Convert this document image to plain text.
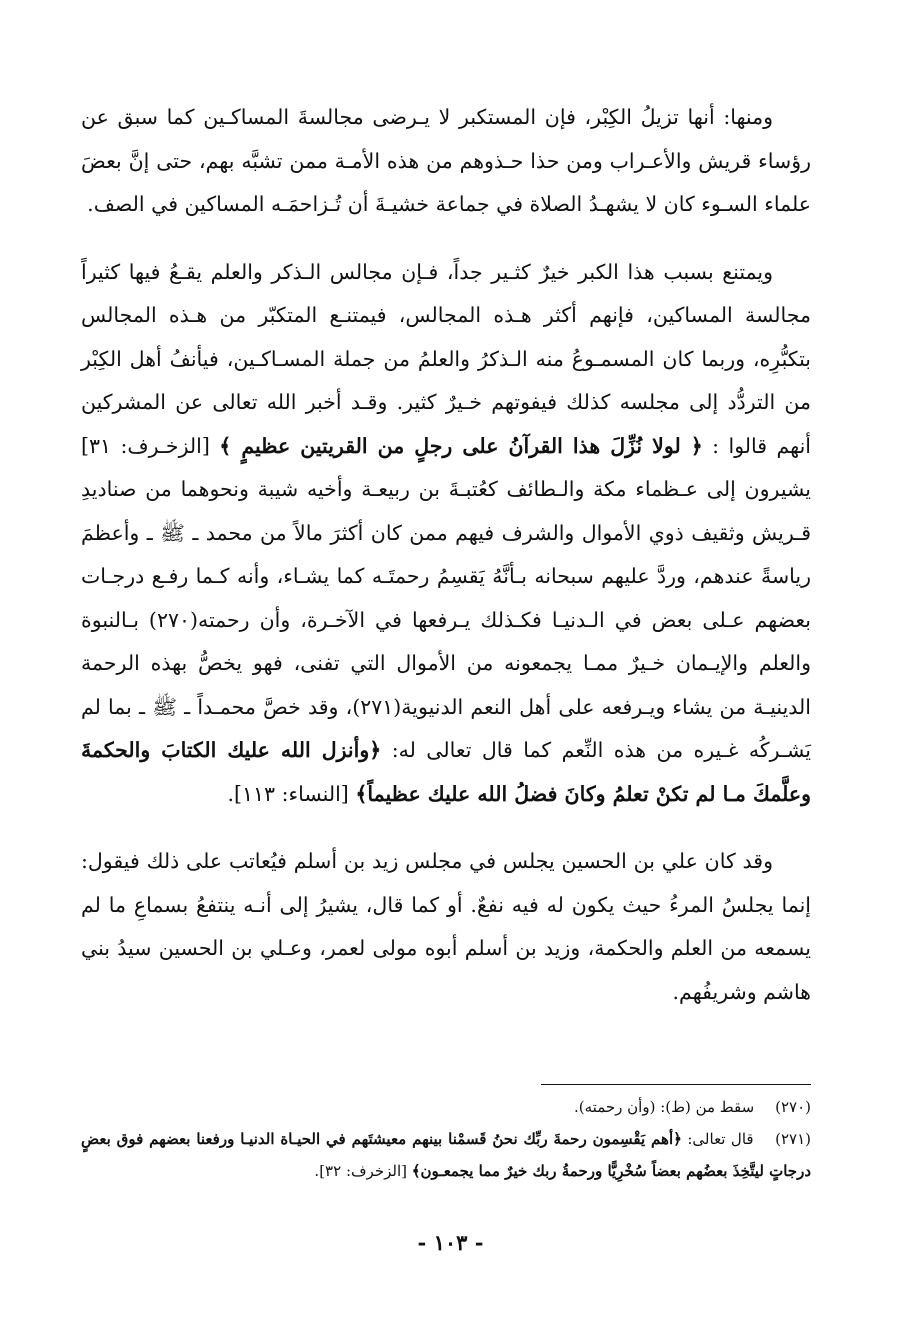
ومنها: أنها تزيلُ الكِبْر، فإن المستكبر لا يـرضى مجالسةَ المساكـين كما سبق عن رؤساء قريش والأعـراب ومن حذا حـذوهم من هذه الأمـة ممن تشبَّه بهم، حتى إنَّ بعضَ علماء السـوء كان لا يشهـدُ الصلاة في جماعة خشيـةَ أن تُـزاحمَـه المساكين في الصف.

ويمتنع بسبب هذا الكبر خيرٌ كثـير جداً، فـإن مجالس الـذكر والعلم يقـعُ فيها كثيراً مجالسة المساكين، فإنهم أكثر هـذه المجالس، فيمتنـع المتكبّر من هـذه المجالس بتكبُّرِه، وربما كان المسمـوعُ منه الـذكرُ والعلمُ من جملة المسـاكـين، فيأنفُ أهل الكِبْر من التردُّد إلى مجلسه كذلك فيفوتهم خـيرٌ كثير. وقـد أخبر الله تعالى عن المشركين أنهم قالوا : ﴿ لولا نُزِّلَ هذا القرآنُ على رجلٍ من القريتين عظيمٍ ﴾ [الزخـرف: ٣١] يشيرون إلى عـظماء مكة والـطائف كعُتبـةَ بن ربيعـة وأخيه شيبة ونحوهما من صناديدِ قـريش وثقيف ذوي الأموال والشرف فيهم ممن كان أكثرَ مالاً من محمد ـ ﷺ ـ وأعظمَ رياسةً عندهم، وردَّ عليهم سبحانه بـأنَّهُ يَقسِمُ رحمتَـه كما يشـاء، وأنه كـما رفـع درجـات بعضهم عـلى بعض في الـدنيـا فكـذلك يـرفعها في الآخـرة، وأن رحمته(٢٧٠) بـالنبوة والعلم والإيـمان خـيرٌ ممـا يجمعونه من الأموال التي تفنى، فهو يخصُّ بهذه الرحمة الدينيـة من يشاء ويـرفعه على أهل النعم الدنيوية(٢٧١)، وقد خصَّ محمـداً ـ ﷺ ـ بما لم يَشـركُه غـيره من هذه النِّعم كما قال تعالى له: ﴿وأنزل الله عليك الكتابَ والحكمةَ وعلَّمكَ مـا لم تكنْ تعلمُ وكانَ فضلُ الله عليك عظيماً﴾ [النساء: ١١٣].

وقد كان علي بن الحسين يجلس في مجلس زيد بن أسلم فيُعاتب على ذلك فيقول: إنما يجلسُ المرءُ حيث يكون له فيه نفعٌ. أو كما قال، يشيرُ إلى أنـه ينتفعُ بسماعِ ما لم يسمعه من العلم والحكمة، وزيد بن أسلم أبوه مولى لعمر، وعـلي بن الحسين سيدُ بني هاشم وشريفُهم.

(٢٧٠) سقط من (ط): (وأن رحمته).

(٢٧١) قال تعالى: ﴿أهم يَقْسِمون رحمةَ ربِّك نحنُ قَسمْنا بينهم معيشتَهم في الحيـاة الدنيـا ورفعنا بعضهم فوق بعضٍ درجاتٍ ليتَّخِذَ بعضُهم بعضاً سُخْرِيًّا ورحمةُ ربك خيرٌ مما يجمعـون﴾ [الزخرف: ٣٢].

- ١٠٣ -
